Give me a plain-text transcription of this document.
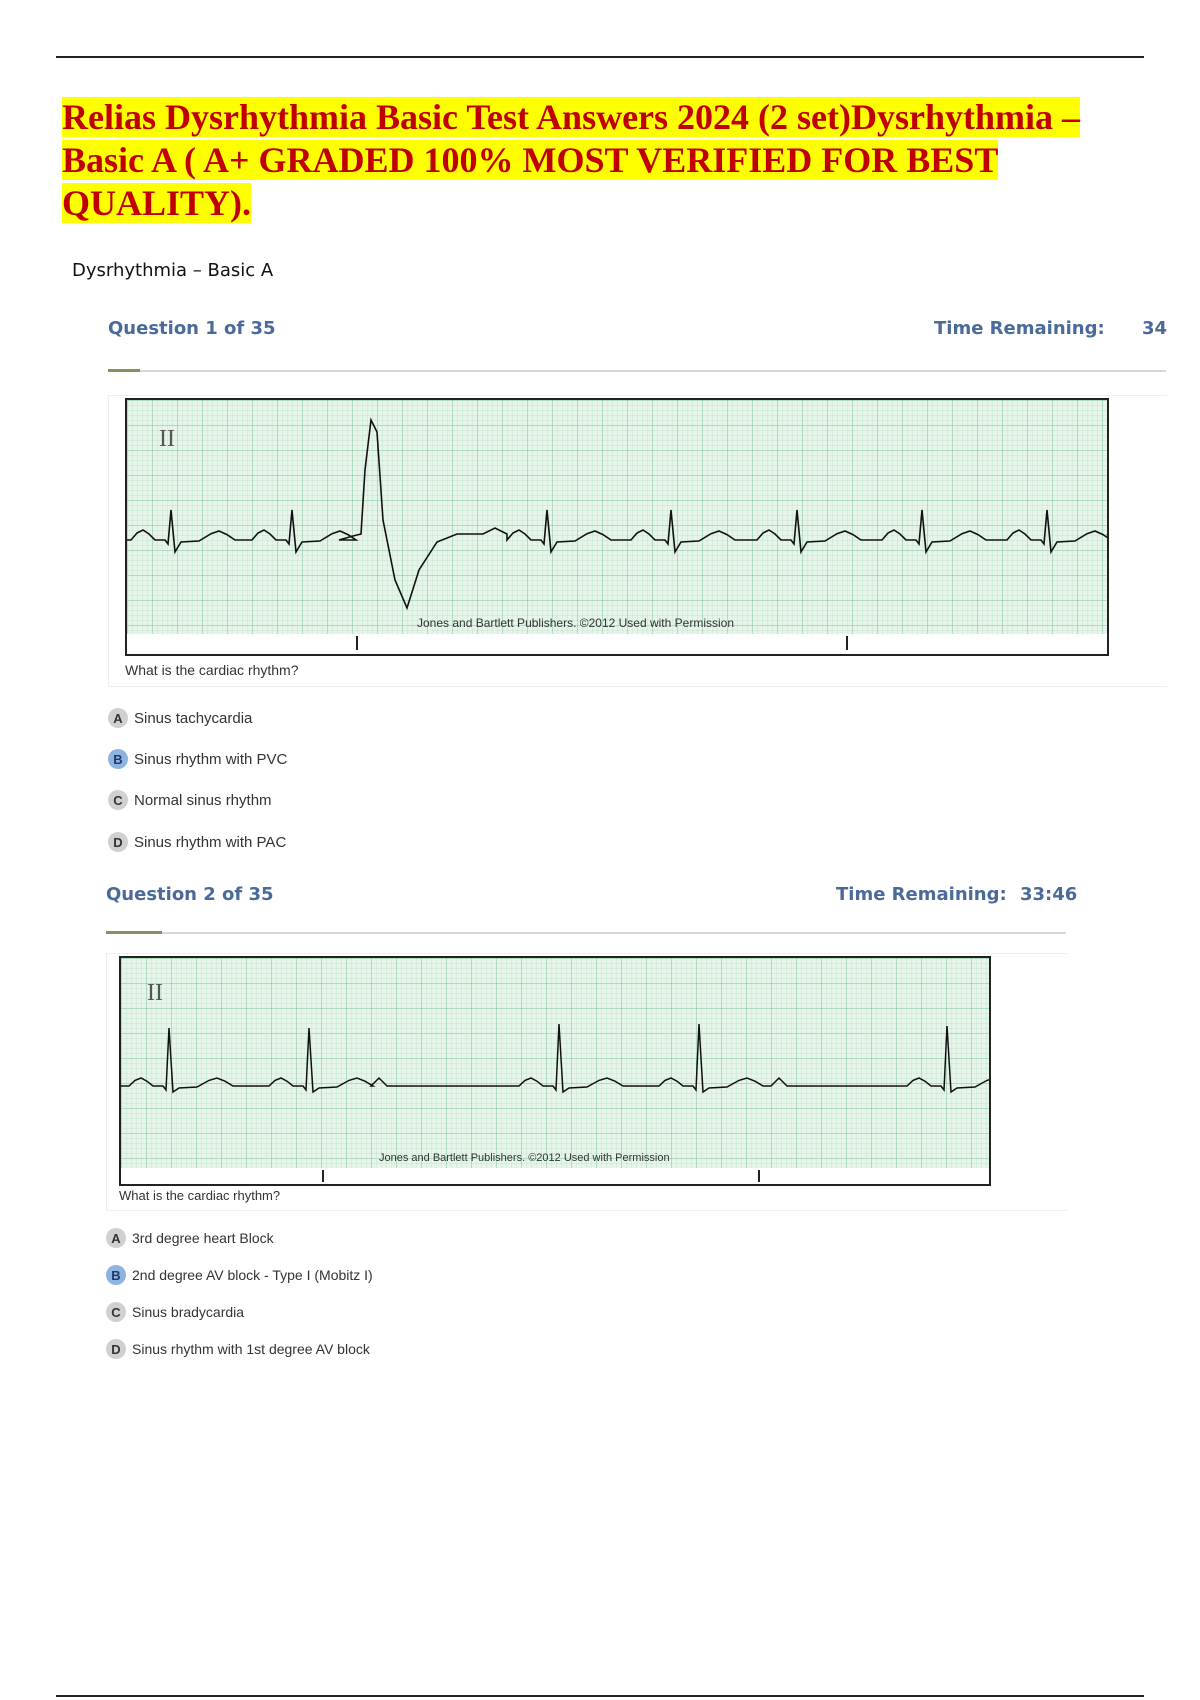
Relias Dysrhythmia Basic Test Answers 2024 (2 set)Dysrhythmia – Basic A ( A+ GRADED 100% MOST VERIFIED FOR BEST QUALITY).
Dysrhythmia – Basic A
Question 1 of 35	Time Remaining: 34
II
Jones and Bartlett Publishers. ©2012 Used with Permission
What is the cardiac rhythm?
A Sinus tachycardia
B Sinus rhythm with PVC
C Normal sinus rhythm
D Sinus rhythm with PAC
Question 2 of 35	Time Remaining: 33:46
II
Jones and Bartlett Publishers. ©2012 Used with Permission
What is the cardiac rhythm?
A 3rd degree heart Block
B 2nd degree AV block - Type I (Mobitz I)
C Sinus bradycardia
D Sinus rhythm with 1st degree AV block
